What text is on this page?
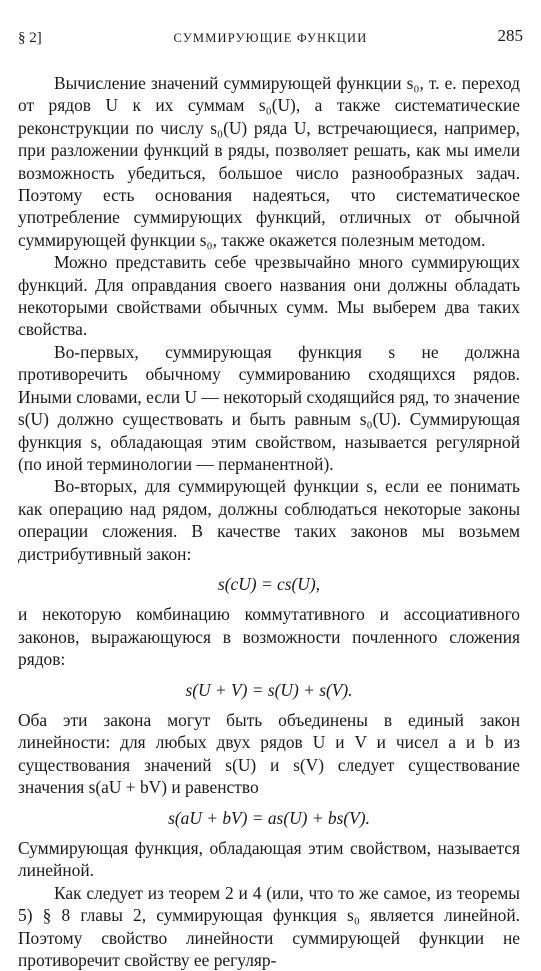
§ 2]	СУММИРУЮЩИЕ ФУНКЦИИ	285

Вычисление значений суммирующей функции s₀, т. е. переход от рядов U к их суммам s₀(U), а также систематические реконструкции по числу s₀(U) ряда U, встречающиеся, например, при разложении функций в ряды, позволяет решать, как мы имели возможность убедиться, большое число разнообразных задач. Поэтому есть основания надеяться, что систематическое употребление суммирующих функций, отличных от обычной суммирующей функции s₀, также окажется полезным методом.

Можно представить себе чрезвычайно много суммирующих функций. Для оправдания своего названия они должны обладать некоторыми свойствами обычных сумм. Мы выберем два таких свойства.

Во-первых, суммирующая функция s не должна противоречить обычному суммированию сходящихся рядов. Иными словами, если U — некоторый сходящийся ряд, то значение s(U) должно существовать и быть равным s₀(U). Суммирующая функция s, обладающая этим свойством, называется регулярной (по иной терминологии — перманентной).

Во-вторых, для суммирующей функции s, если ее понимать как операцию над рядом, должны соблюдаться некоторые законы операции сложения. В качестве таких законов мы возьмем дистрибутивный закон:

s(cU) = cs(U),

и некоторую комбинацию коммутативного и ассоциативного законов, выражающуюся в возможности почленного сложения рядов:

s(U + V) = s(U) + s(V).

Оба эти закона могут быть объединены в единый закон линейности: для любых двух рядов U и V и чисел a и b из существования значений s(U) и s(V) следует существование значения s(aU + bV) и равенство

s(aU + bV) = as(U) + bs(V).

Суммирующая функция, обладающая этим свойством, называется линейной.

Как следует из теорем 2 и 4 (или, что то же самое, из теоремы 5) § 8 главы 2, суммирующая функция s₀ является линейной. Поэтому свойство линейности суммирующей функции не противоречит свойству ее регуляр-
